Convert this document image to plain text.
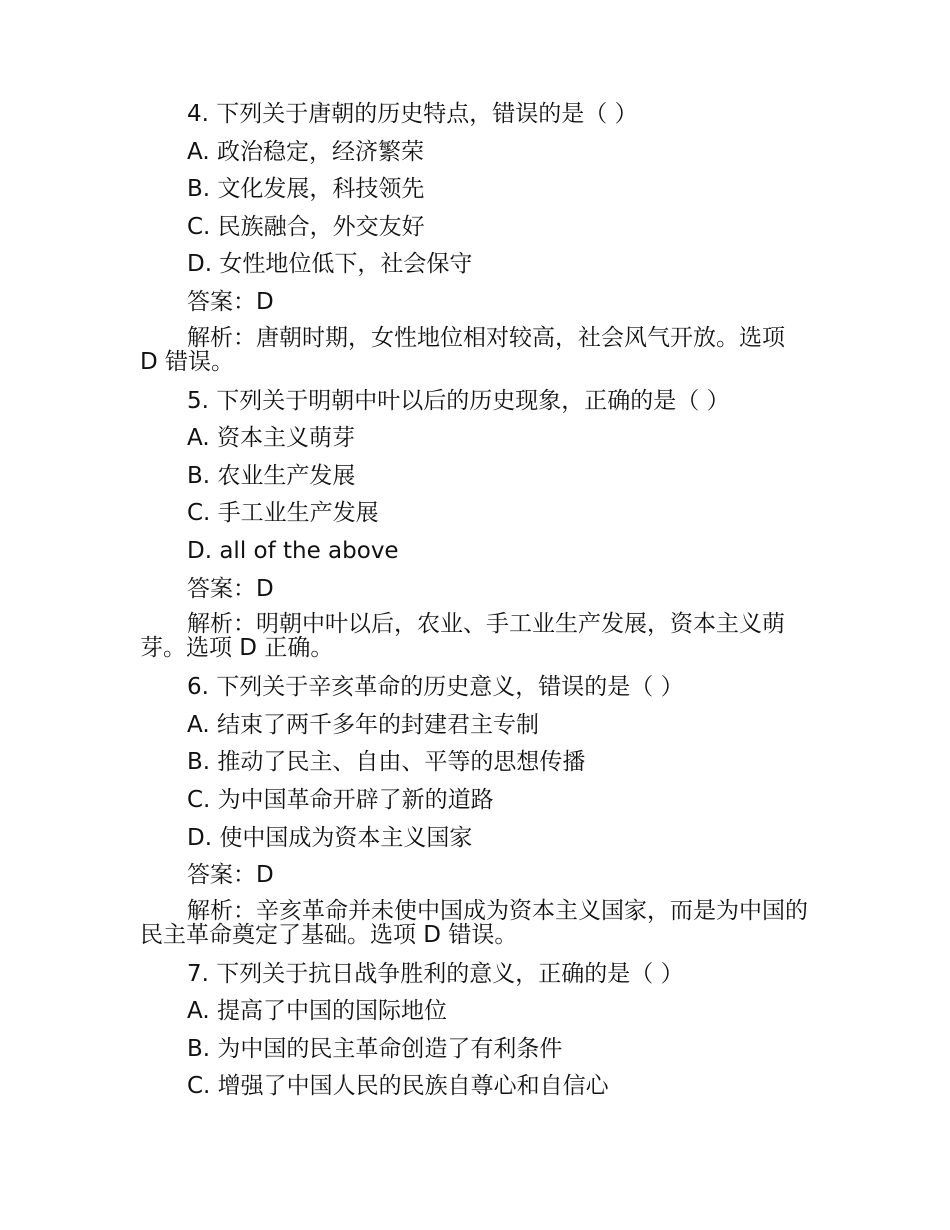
4. 下列关于唐朝的历史特点，错误的是（ ）
A. 政治稳定，经济繁荣
B. 文化发展，科技领先
C. 民族融合，外交友好
D. 女性地位低下，社会保守
答案：D
解析：唐朝时期，女性地位相对较高，社会风气开放。选项 D 错误。
5. 下列关于明朝中叶以后的历史现象，正确的是（ ）
A. 资本主义萌芽
B. 农业生产发展
C. 手工业生产发展
D. all of the above
答案：D
解析：明朝中叶以后，农业、手工业生产发展，资本主义萌芽。选项 D 正确。
6. 下列关于辛亥革命的历史意义，错误的是（ ）
A. 结束了两千多年的封建君主专制
B. 推动了民主、自由、平等的思想传播
C. 为中国革命开辟了新的道路
D. 使中国成为资本主义国家
答案：D
解析：辛亥革命并未使中国成为资本主义国家，而是为中国的民主革命奠定了基础。选项 D 错误。
7. 下列关于抗日战争胜利的意义，正确的是（ ）
A. 提高了中国的国际地位
B. 为中国的民主革命创造了有利条件
C. 增强了中国人民的民族自尊心和自信心
